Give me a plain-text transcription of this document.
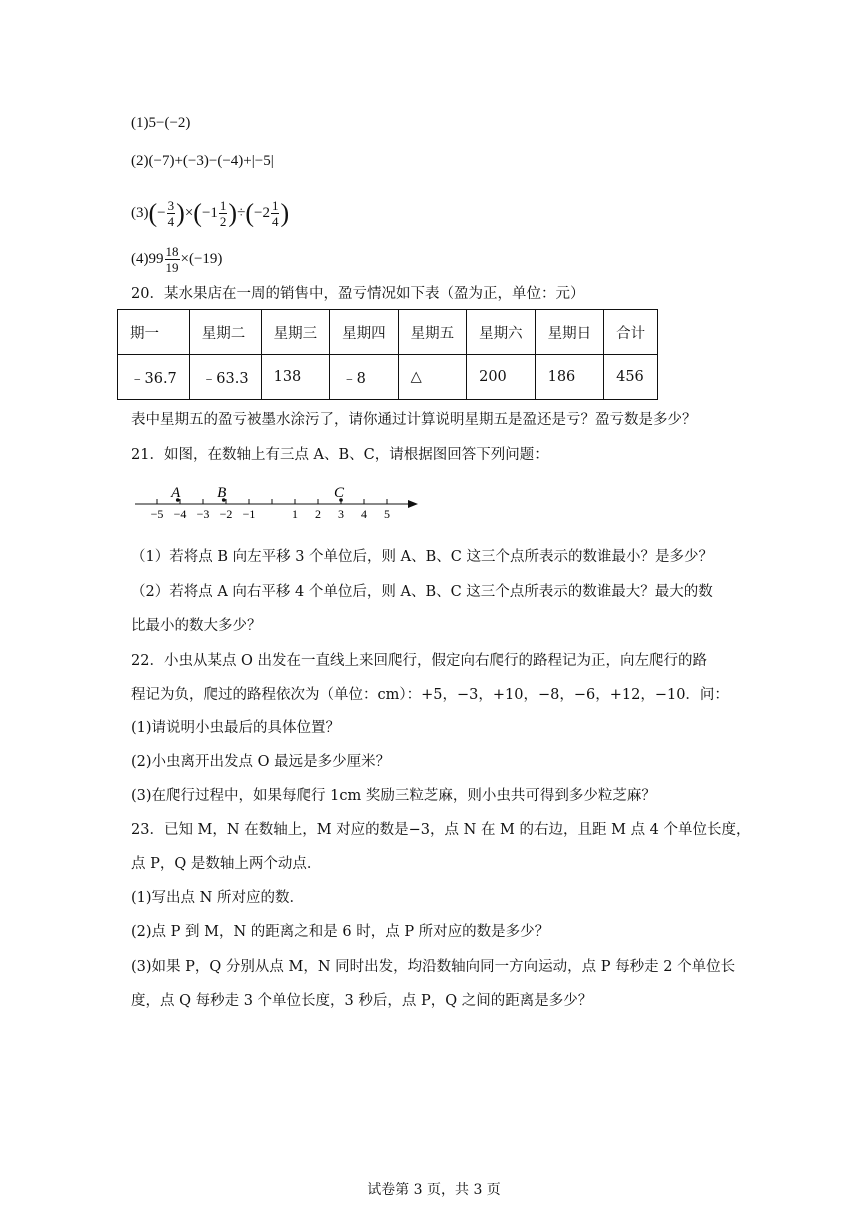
(1)5−(−2)
(2)(−7)+(−3)−(−4)+|−5|
$(3)(- \frac{3}{4} )\times(-1 \frac{1}{2} )\div(-2 \frac{1}{4}$ )
$(4)99 \frac{18}{19} \times(-19)$
20．某水果店在一周的销售中，盈亏情况如下表（盈为正，单位：元）
期一	星期二	星期三	星期四	星期五	星期六	星期日	合计
﹣36.7	﹣63.3	138	﹣8	△	200	186	456
表中星期五的盈亏被墨水涂污了，请你通过计算说明星期五是盈还是亏？盈亏数是多少？
21．如图，在数轴上有三点 A、B、C，请根据图回答下列问题：
−5 −4 −3 −2 −1	1 2 3 4 5
A B	C
（1）若将点 B 向左平移 3 个单位后，则 A、B、C 这三个点所表示的数谁最小？是多少？
（2）若将点 A 向右平移 4 个单位后，则 A、B、C 这三个点所表示的数谁最大？最大的数
比最小的数大多少？
22．小虫从某点 O 出发在一直线上来回爬行，假定向右爬行的路程记为正，向左爬行的路
程记为负，爬过的路程依次为（单位：cm）：+5，−3，+10，−8，−6，+12，−10．问：
(1)请说明小虫最后的具体位置？
(2)小虫离开出发点 O 最远是多少厘米？
(3)在爬行过程中，如果每爬行 1cm 奖励三粒芝麻，则小虫共可得到多少粒芝麻？
23．已知 M，N 在数轴上，M 对应的数是−3，点 N 在 M 的右边，且距 M 点 4 个单位长度，
点 P，Q 是数轴上两个动点．
(1)写出点 N 所对应的数．
(2)点 P 到 M，N 的距离之和是 6 时，点 P 所对应的数是多少？
(3)如果 P，Q 分别从点 M，N 同时出发，均沿数轴向同一方向运动，点 P 每秒走 2 个单位长
度，点 Q 每秒走 3 个单位长度，3 秒后，点 P，Q 之间的距离是多少？
试卷第 3 页，共 3 页
